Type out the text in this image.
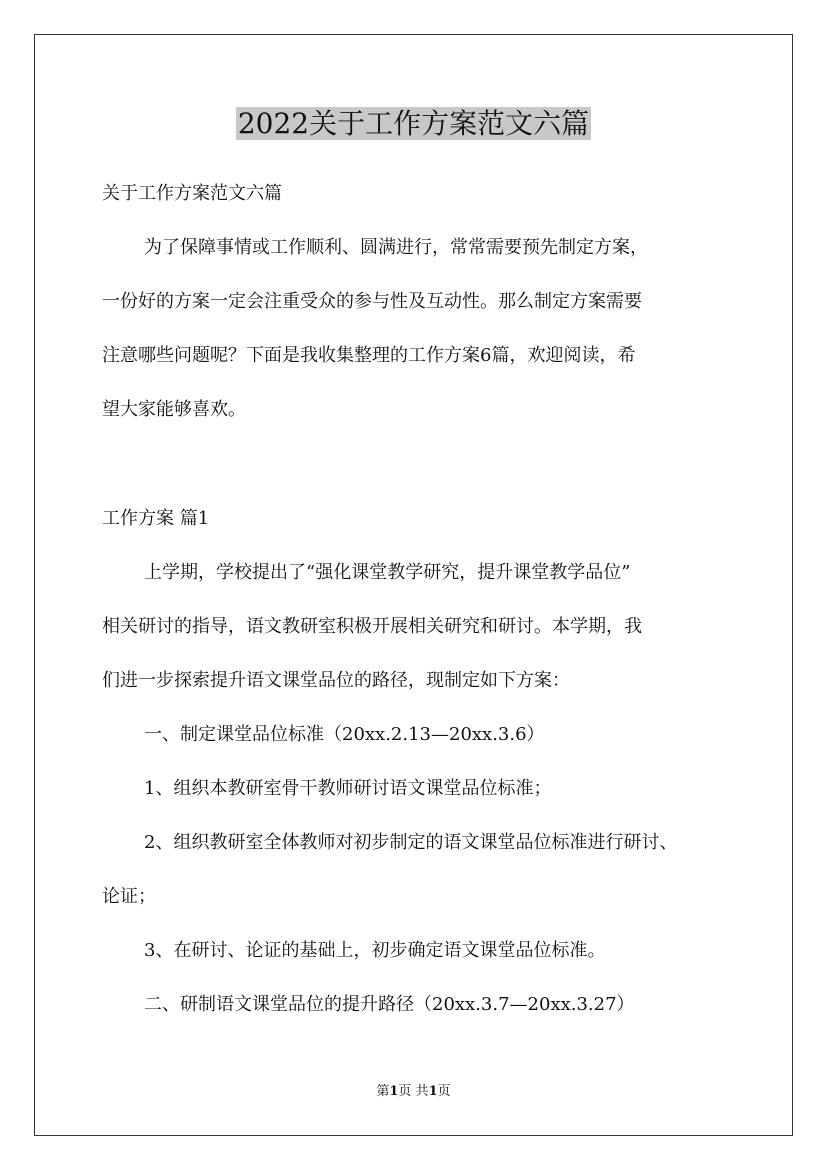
2022关于工作方案范文六篇

关于工作方案范文六篇

为了保障事情或工作顺利、圆满进行，常常需要预先制定方案，

一份好的方案一定会注重受众的参与性及互动性。那么制定方案需要

注意哪些问题呢？下面是我收集整理的工作方案6篇，欢迎阅读，希

望大家能够喜欢。

工作方案 篇1

上学期，学校提出了“强化课堂教学研究，提升课堂教学品位”

相关研讨的指导，语文教研室积极开展相关研究和研讨。本学期，我

们进一步探索提升语文课堂品位的路径，现制定如下方案：

一、制定课堂品位标准（20xx.2.13—20xx.3.6）

1、组织本教研室骨干教师研讨语文课堂品位标准；

2、组织教研室全体教师对初步制定的语文课堂品位标准进行研讨、

论证；

3、在研讨、论证的基础上，初步确定语文课堂品位标准。

二、研制语文课堂品位的提升路径（20xx.3.7—20xx.3.27）

第1页 共1页
